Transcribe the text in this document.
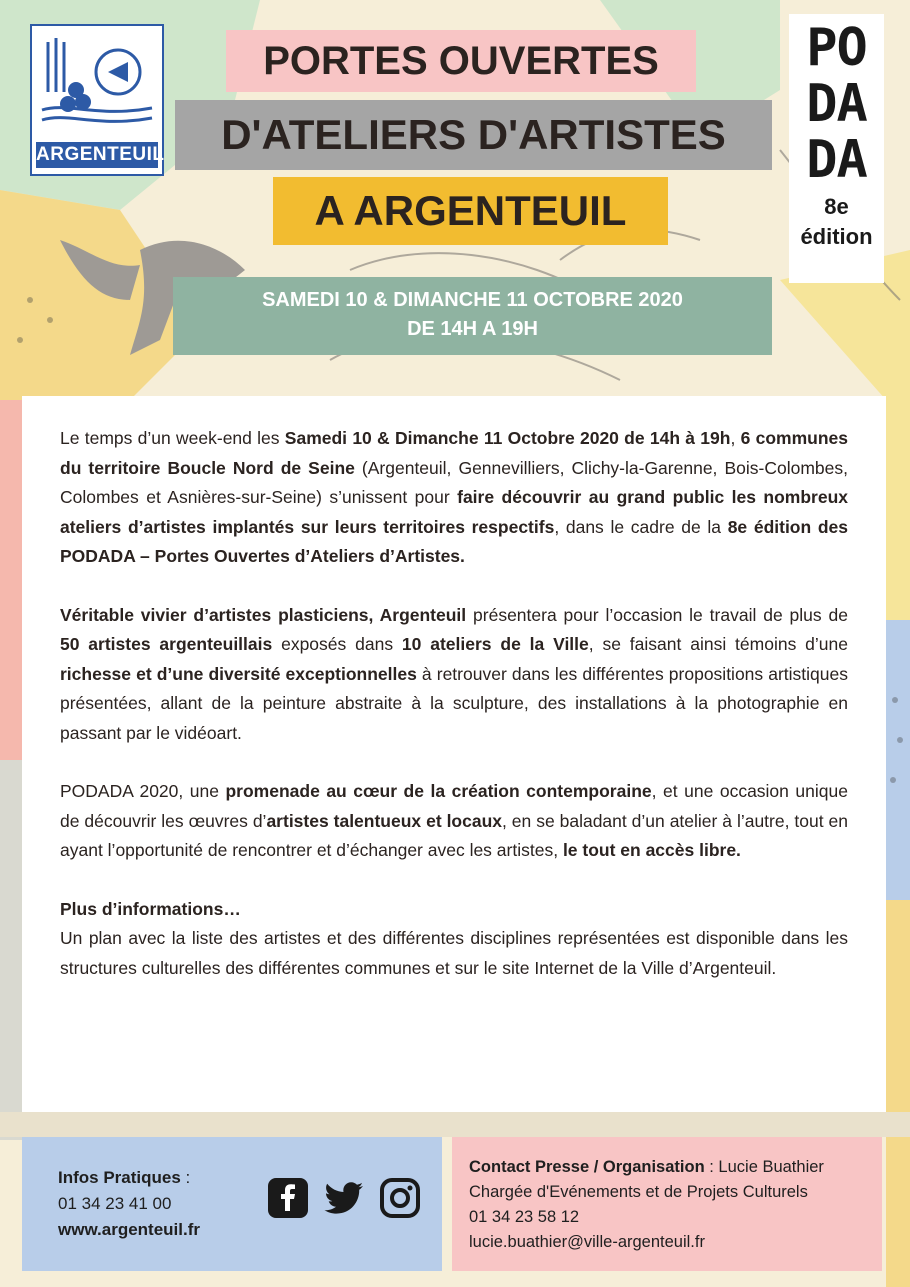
ARGENTEUIL
PORTES OUVERTES
D'ATELIERS D'ARTISTES
A ARGENTEUIL
SAMEDI 10 & DIMANCHE 11 OCTOBRE 2020
DE 14H A 19H
PO
DA
DA
8e
édition

Le temps d’un week-end les Samedi 10 & Dimanche 11 Octobre 2020 de 14h à 19h, 6 communes du territoire Boucle Nord de Seine (Argenteuil, Gennevilliers, Clichy-la-Garenne, Bois-Colombes, Colombes et Asnières-sur-Seine) s’unissent pour faire découvrir au grand public les nombreux ateliers d’artistes implantés sur leurs territoires respectifs, dans le cadre de la 8e édition des PODADA – Portes Ouvertes d’Ateliers d’Artistes.

Véritable vivier d’artistes plasticiens, Argenteuil présentera pour l’occasion le travail de plus de 50 artistes argenteuillais exposés dans 10 ateliers de la Ville, se faisant ainsi témoins d’une richesse et d’une diversité exceptionnelles à retrouver dans les différentes propositions artistiques présentées, allant de la peinture abstraite à la sculpture, des installations à la photographie en passant par le vidéoart.

PODADA 2020, une promenade au cœur de la création contemporaine, et une occasion unique de découvrir les œuvres d’artistes talentueux et locaux, en se baladant d’un atelier à l’autre, tout en ayant l’opportunité de rencontrer et d’échanger avec les artistes, le tout en accès libre.

Plus d’informations…
Un plan avec la liste des artistes et des différentes disciplines représentées est disponible dans les structures culturelles des différentes communes et sur le site Internet de la Ville d’Argenteuil.

Infos Pratiques :
01 34 23 41 00
www.argenteuil.fr
Contact Presse / Organisation : Lucie Buathier
Chargée d'Evénements et de Projets Culturels
01 34 23 58 12
lucie.buathier@ville-argenteuil.fr
